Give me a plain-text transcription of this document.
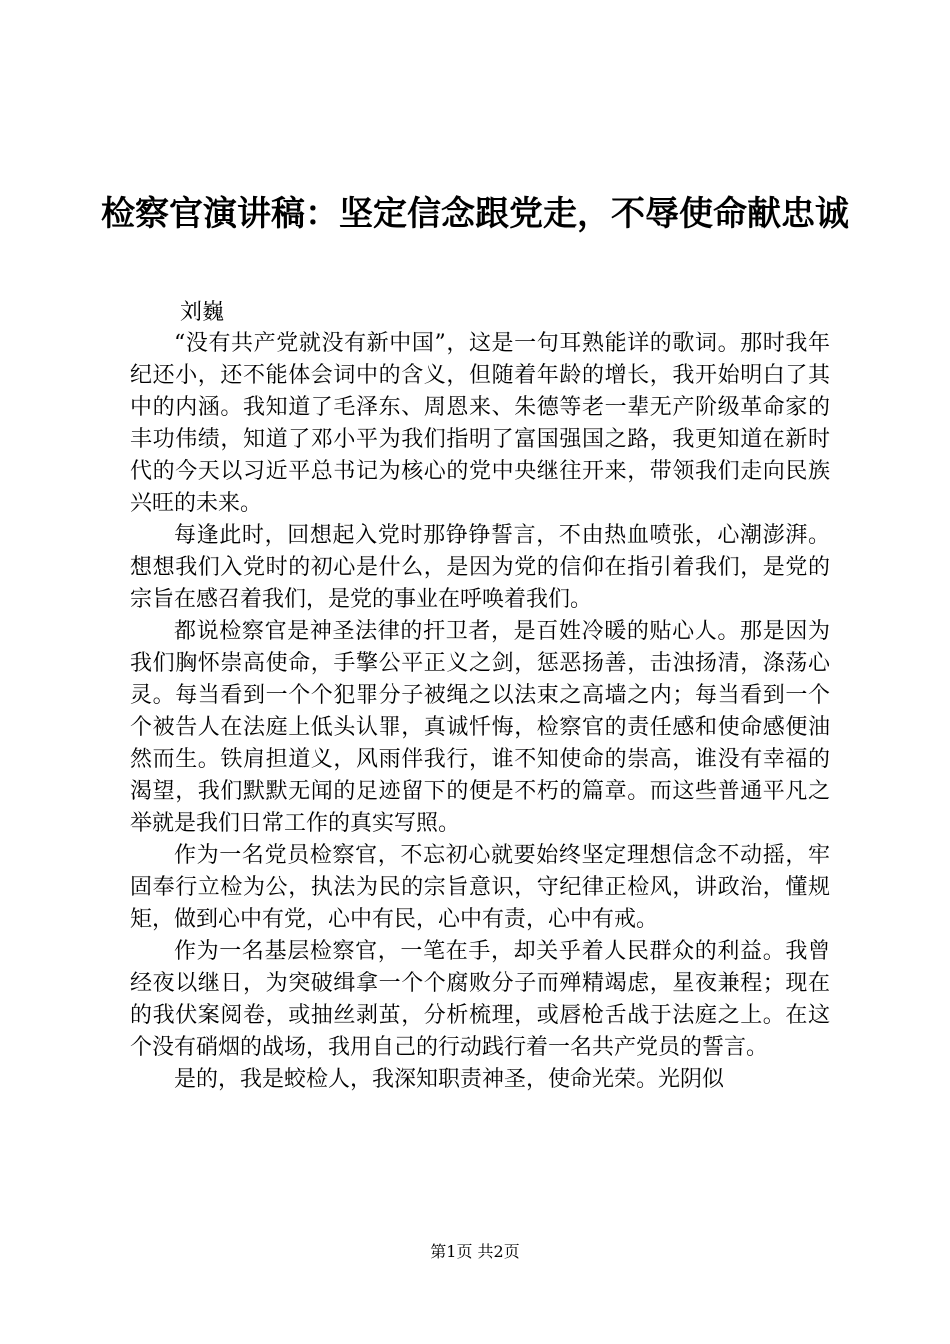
检察官演讲稿：坚定信念跟党走，不辱使命献忠诚
刘巍

“没有共产党就没有新中国”，这是一句耳熟能详的歌词。那时我年纪还小，还不能体会词中的含义，但随着年龄的增长，我开始明白了其中的内涵。我知道了毛泽东、周恩来、朱德等老一辈无产阶级革命家的丰功伟绩，知道了邓小平为我们指明了富国强国之路，我更知道在新时代的今天以习近平总书记为核心的党中央继往开来，带领我们走向民族兴旺的未来。

每逢此时，回想起入党时那铮铮誓言，不由热血喷张，心潮澎湃。想想我们入党时的初心是什么，是因为党的信仰在指引着我们，是党的宗旨在感召着我们，是党的事业在呼唤着我们。

都说检察官是神圣法律的扞卫者，是百姓冷暖的贴心人。那是因为我们胸怀崇高使命，手擎公平正义之剑，惩恶扬善，击浊扬清，涤荡心灵。每当看到一个个犯罪分子被绳之以法束之高墙之内；每当看到一个个被告人在法庭上低头认罪，真诚忏悔，检察官的责任感和使命感便油然而生。铁肩担道义，风雨伴我行，谁不知使命的崇高，谁没有幸福的渴望，我们默默无闻的足迹留下的便是不朽的篇章。而这些普通平凡之举就是我们日常工作的真实写照。

作为一名党员检察官，不忘初心就要始终坚定理想信念不动摇，牢固奉行立检为公，执法为民的宗旨意识，守纪律正检风，讲政治，懂规矩，做到心中有党，心中有民，心中有责，心中有戒。

作为一名基层检察官，一笔在手，却关乎着人民群众的利益。我曾经夜以继日，为突破缉拿一个个腐败分子而殚精竭虑，星夜兼程；现在的我伏案阅卷，或抽丝剥茧，分析梳理，或唇枪舌战于法庭之上。在这个没有硝烟的战场，我用自己的行动践行着一名共产党员的誓言。

是的，我是蛟检人，我深知职责神圣，使命光荣。光阴似

第1页 共2页
